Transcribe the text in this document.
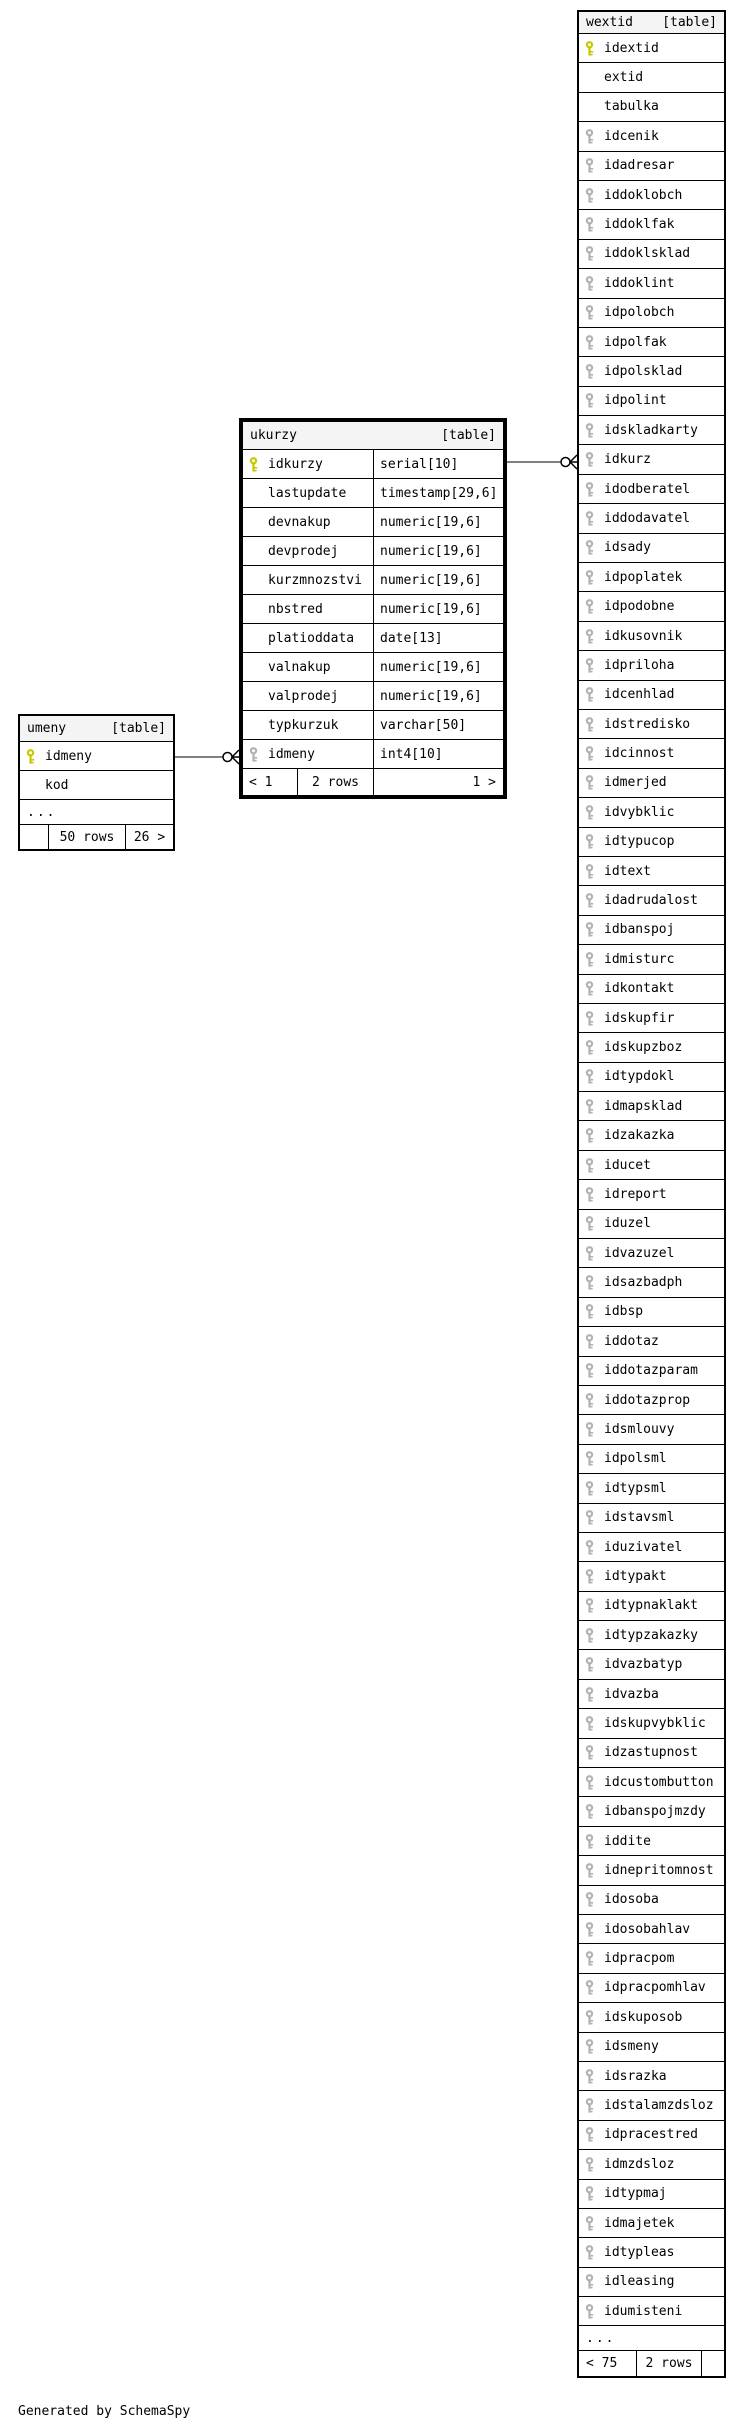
umeny	[table]
idmeny
kod
...
50 rows	26 >
ukurzy	[table]
idkurzy	serial[10]
lastupdate	timestamp[29,6]
devnakup	numeric[19,6]
devprodej	numeric[19,6]
kurzmnozstvi	numeric[19,6]
nbstred	numeric[19,6]
platioddata	date[13]
valnakup	numeric[19,6]
valprodej	numeric[19,6]
typkurzuk	varchar[50]
idmeny	int4[10]
< 1	2 rows	1 >
wextid [table]
idextid
extid
tabulka
idcenik
idadresar
iddoklobch
iddoklfak
iddoklsklad
iddoklint
idpolobch
idpolfak
idpolsklad
idpolint
idskladkarty
idkurz
idodberatel
iddodavatel
idsady
idpoplatek
idpodobne
idkusovnik
idpriloha
idcenhlad
idstredisko
idcinnost
idmerjed
idvybklic
idtypucop
idtext
idadrudalost
idbanspoj
idmisturc
idkontakt
idskupfir
idskupzboz
idtypdokl
idmapsklad
idzakazka
iducet
idreport
iduzel
idvazuzel
idsazbadph
idbsp
iddotaz
iddotazparam
iddotazprop
idsmlouvy
idpolsml
idtypsml
idstavsml
iduzivatel
idtypakt
idtypnaklakt
idtypzakazky
idvazbatyp
idvazba
idskupvybklic
idzastupnost
idcustombutton
idbanspojmzdy
iddite
idnepritomnost
idosoba
idosobahlav
idpracpom
idpracpomhlav
idskuposob
idsmeny
idsrazka
idstalamzdsloz
idpracestred
idmzdsloz
idtypmaj
idmajetek
idtypleas
idleasing
idumisteni
...
< 75	2 rows
Generated by SchemaSpy
